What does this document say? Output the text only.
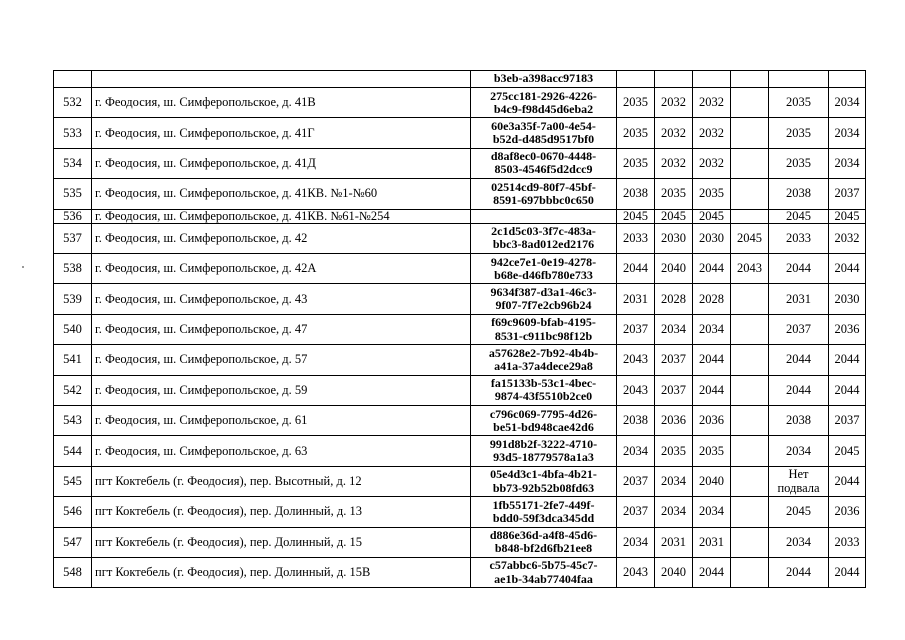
		b3eb-a398acc97183						
532	г. Феодосия, ш. Симферопольское, д. 41В	275cc181-2926-4226-
b4c9-f98d45d6eba2	2035	2032	2032		2035	2034
533	г. Феодосия, ш. Симферопольское, д. 41Г	60e3a35f-7a00-4e54-
b52d-d485d9517bf0	2035	2032	2032		2035	2034
534	г. Феодосия, ш. Симферопольское, д. 41Д	d8af8ec0-0670-4448-
8503-4546f5d2dcc9	2035	2032	2032		2035	2034
535	г. Феодосия, ш. Симферопольское, д. 41КВ. №1-№60	02514cd9-80f7-45bf-
8591-697bbbc0c650	2038	2035	2035		2038	2037
536	г. Феодосия, ш. Симферопольское, д. 41КВ. №61-№254		2045	2045	2045		2045	2045
537	г. Феодосия, ш. Симферопольское, д. 42	2c1d5c03-3f7c-483a-
bbc3-8ad012ed2176	2033	2030	2030	2045	2033	2032
538	г. Феодосия, ш. Симферопольское, д. 42А	942ce7e1-0e19-4278-
b68e-d46fb780e733	2044	2040	2044	2043	2044	2044
539	г. Феодосия, ш. Симферопольское, д. 43	9634f387-d3a1-46c3-
9f07-7f7e2cb96b24	2031	2028	2028		2031	2030
540	г. Феодосия, ш. Симферопольское, д. 47	f69c9609-bfab-4195-
8531-c911bc98f12b	2037	2034	2034		2037	2036
541	г. Феодосия, ш. Симферопольское, д. 57	a57628e2-7b92-4b4b-
a41a-37a4dece29a8	2043	2037	2044		2044	2044
542	г. Феодосия, ш. Симферопольское, д. 59	fa15133b-53c1-4bec-
9874-43f5510b2ce0	2043	2037	2044		2044	2044
543	г. Феодосия, ш. Симферопольское, д. 61	c796c069-7795-4d26-
be51-bd948cae42d6	2038	2036	2036		2038	2037
544	г. Феодосия, ш. Симферопольское, д. 63	991d8b2f-3222-4710-
93d5-18779578a1a3	2034	2035	2035		2034	2045
545	пгт Коктебель (г. Феодосия), пер. Высотный, д. 12	05e4d3c1-4bfa-4b21-
bb73-92b52b08fd63	2037	2034	2040		Нет подвала	2044
546	пгт Коктебель (г. Феодосия), пер. Долинный, д. 13	1fb55171-2fe7-449f-
bdd0-59f3dca345dd	2037	2034	2034		2045	2036
547	пгт Коктебель (г. Феодосия), пер. Долинный, д. 15	d886e36d-a4f8-45d6-
b848-bf2d6fb21ee8	2034	2031	2031		2034	2033
548	пгт Коктебель (г. Феодосия), пер. Долинный, д. 15В	c57abbc6-5b75-45c7-
ae1b-34ab77404faa	2043	2040	2044		2044	2044
